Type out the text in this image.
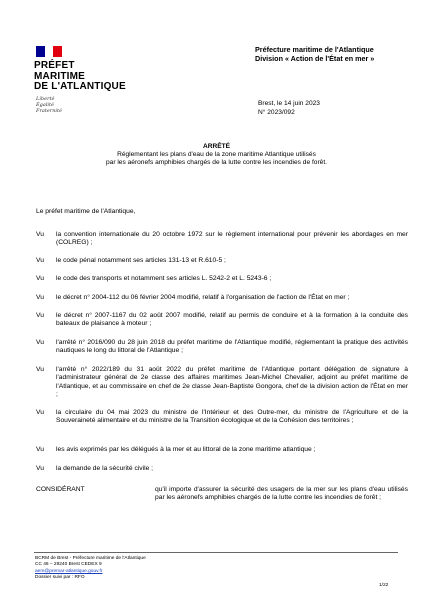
PRÉFET
MARITIME
DE L'ATLANTIQUE
Liberté
Égalité
Fraternité
Préfecture maritime de l'Atlantique
Division « Action de l'État en mer »
Brest, le 14 juin 2023
N° 2023/092
ARRÊTÉ
Réglementant les plans d'eau de la zone maritime Atlantique utilisés
par les aéronefs amphibies chargés de la lutte contre les incendies de forêt.
Le préfet maritime de l'Atlantique,
Vu	la convention internationale du 20 octobre 1972 sur le règlement international pour prévenir les abordages en mer (COLREG) ;
Vu	le code pénal notamment ses articles 131-13 et R.610-5 ;
Vu	le code des transports et notamment ses articles L. 5242-2 et L. 5243-6 ;
Vu	le décret n° 2004-112 du 06 février 2004 modifié, relatif à l'organisation de l'action de l'État en mer ;
Vu	le décret n° 2007-1167 du 02 août 2007 modifié, relatif au permis de conduire et à la formation à la conduite des bateaux de plaisance à moteur ;
Vu	l'arrêté n° 2016/090 du 28 juin 2018 du préfet maritime de l'Atlantique modifié, réglementant la pratique des activités nautiques le long du littoral de l'Atlantique ;
Vu	l'arrêté n° 2022/189 du 31 août 2022 du préfet maritime de l'Atlantique portant délégation de signature à l'administrateur général de 2e classe des affaires maritimes Jean-Michel Chevalier, adjoint au préfet maritime de l'Atlantique, et au commissaire en chef de 2e classe Jean-Baptiste Gongora, chef de la division action de l'État en mer ;
Vu	la circulaire du 04 mai 2023 du ministre de l'Intérieur et des Outre-mer, du ministre de l'Agriculture et de la Souveraineté alimentaire et du ministre de la Transition écologique et de la Cohésion des territoires ;
Vu	les avis exprimés par les délégués à la mer et au littoral de la zone maritime atlantique ;
Vu	la demande de la sécurité civile ;
CONSIDÉRANT	qu'il importe d'assurer la sécurité des usagers de la mer sur les plans d'eau utilisés par les aéronefs amphibies chargés de la lutte contre les incendies de forêt ;
BCRM de Brest - Préfecture maritime de l'Atlantique
CC 46 – 29240 Brest CEDEX 9
aem@premar-atlantique.gouv.fr
Dossier suivi par : RFO
1/22
